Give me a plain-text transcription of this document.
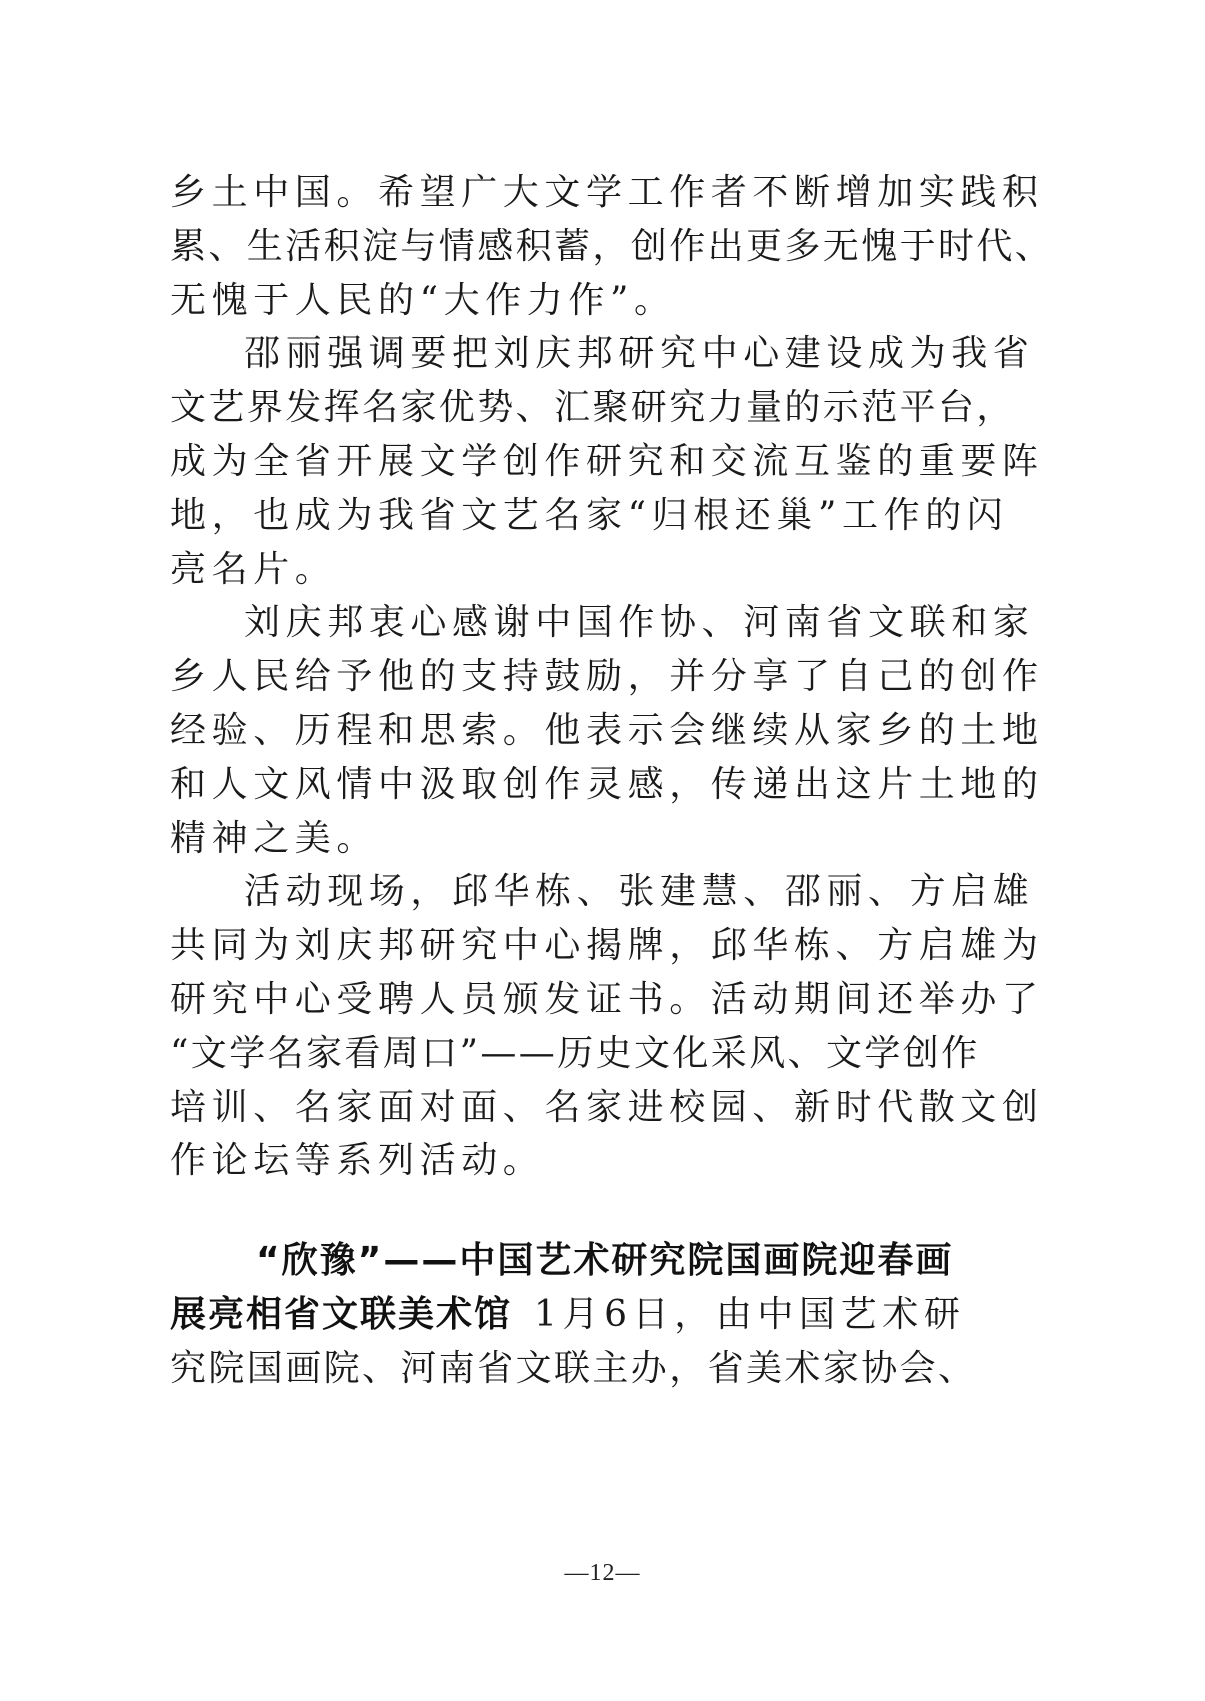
乡土中国。希望广大文学工作者不断增加实践积
累、生活积淀与情感积蓄，创作出更多无愧于时代、
无愧于人民的“大作力作”。
邵丽强调要把刘庆邦研究中心建设成为我省
文艺界发挥名家优势、汇聚研究力量的示范平台，
成为全省开展文学创作研究和交流互鉴的重要阵
地，也成为我省文艺名家“归根还巢”工作的闪
亮名片。
刘庆邦衷心感谢中国作协、河南省文联和家
乡人民给予他的支持鼓励，并分享了自己的创作
经验、历程和思索。他表示会继续从家乡的土地
和人文风情中汲取创作灵感，传递出这片土地的
精神之美。
活动现场，邱华栋、张建慧、邵丽、方启雄
共同为刘庆邦研究中心揭牌，邱华栋、方启雄为
研究中心受聘人员颁发证书。活动期间还举办了
“文学名家看周口”——历史文化采风、文学创作
培训、名家面对面、名家进校园、新时代散文创
作论坛等系列活动。
“欣豫”——中国艺术研究院国画院迎春画
展亮相省文联美术馆 1月6日，由中国艺术研
究院国画院、河南省文联主办，省美术家协会、
—12—
